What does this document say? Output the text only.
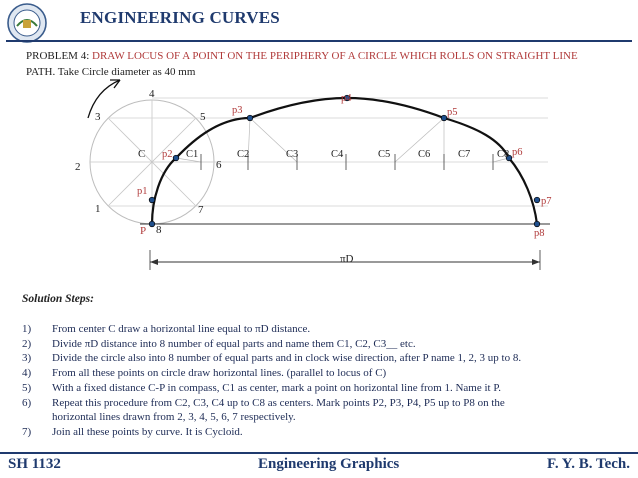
ENGINEERING CURVES
PROBLEM 4: DRAW LOCUS OF A POINT ON THE PERIPHERY OF A CIRCLE WHICH ROLLS ON STRAIGHT LINE
PATH. Take Circle diameter as 40 mm
1
2
3
4
5
6
7
8
C
P
C1	C2	C3	C4	C5	C6	C7	C8
p1
p2
p3
p4
p5
p6
p7
p8
πD
Solution Steps:
1)	From center C draw a horizontal line equal to πD distance.
2)	Divide πD distance into 8 number of equal parts and name them C1, C2, C3__ etc.
3)	Divide the circle also into 8 number of equal parts and in clock wise direction, after P name 1, 2, 3 up to 8.
4)	From all these points on circle draw horizontal lines. (parallel to locus of C)
5)	With a fixed distance C-P in compass, C1 as center, mark a point on horizontal line from 1. Name it P.
6)	Repeat this procedure from C2, C3, C4 up to C8 as centers. Mark points P2, P3, P4, P5 up to P8 on the
horizontal lines drawn from 2, 3, 4, 5, 6, 7 respectively.
7)	Join all these points by curve. It is Cycloid.
SH 1132	Engineering Graphics	F. Y. B. Tech.
